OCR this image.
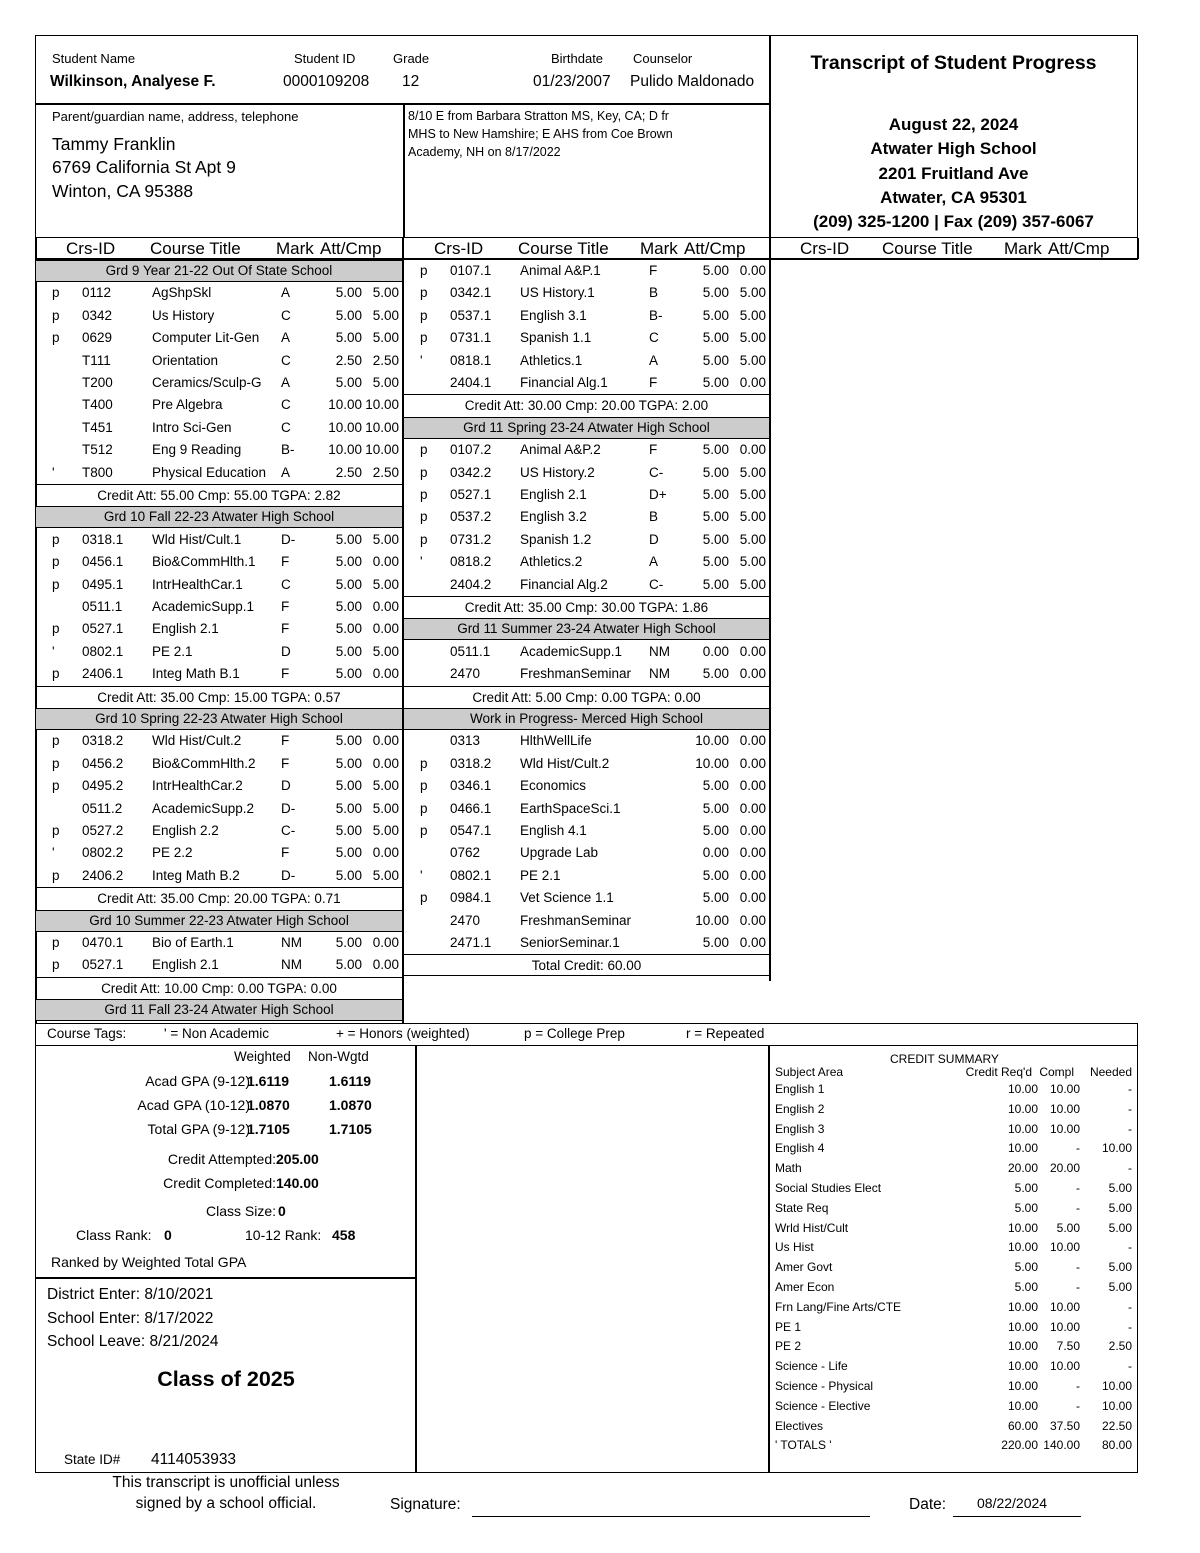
Student Name
Wilkinson, Analyese F.
Student ID
0000109208
Grade
12
Birthdate
01/23/2007
Counselor
Pulido Maldonado
Parent/guardian name, address, telephone
Tammy Franklin
6769 California St Apt 9
Winton, CA 95388
8/10 E from Barbara Stratton MS, Key, CA; D fr
MHS to New Hamshire; E AHS from Coe Brown
Academy, NH on 8/17/2022
Transcript of Student Progress
August 22, 2024
Atwater High School
2201 Fruitland Ave
Atwater, CA 95301
(209) 325-1200 | Fax (209) 357-6067
Crs-ID Course Title Mark Att/Cmp	Crs-ID Course Title Mark Att/Cmp	Crs-ID Course Title Mark Att/Cmp
Grd 9 Year 21-22 Out Of State School
p 0112	AgShpSkl	A	5.00 5.00
p 0342	Us History	C	5.00 5.00
p 0629	Computer Lit-Gen	A	5.00 5.00
T111	Orientation	C	2.50 2.50
T200	Ceramics/Sculp-G	A	5.00 5.00
T400	Pre Algebra	C	10.00 10.00
T451	Intro Sci-Gen	C	10.00 10.00
T512	Eng 9 Reading	B- 10.00 10.00
' T800	Physical Education	A	2.50 2.50
Credit Att: 55.00 Cmp: 55.00 TGPA: 2.82
Grd 10 Fall 22-23 Atwater High School
p 0318.1 Wld Hist/Cult.1	D-	5.00 5.00
p 0456.1 Bio&CommHlth.1	F	5.00 0.00
p 0495.1 IntrHealthCar.1	C	5.00 5.00
0511.1 AcademicSupp.1	F	5.00 0.00
p 0527.1 English 2.1	F	5.00 0.00
' 0802.1 PE 2.1	D	5.00 5.00
p 2406.1 Integ Math B.1	F	5.00 0.00
Credit Att: 35.00 Cmp: 15.00 TGPA: 0.57
Grd 10 Spring 22-23 Atwater High School
p 0318.2 Wld Hist/Cult.2	F	5.00 0.00
p 0456.2 Bio&CommHlth.2	F	5.00 0.00
p 0495.2 IntrHealthCar.2	D	5.00 5.00
0511.2 AcademicSupp.2	D-	5.00 5.00
p 0527.2 English 2.2	C-	5.00 5.00
' 0802.2 PE 2.2	F	5.00 0.00
p 2406.2 Integ Math B.2	D-	5.00 5.00
Credit Att: 35.00 Cmp: 20.00 TGPA: 0.71
Grd 10 Summer 22-23 Atwater High School
p 0470.1 Bio of Earth.1	NM 5.00 0.00
p 0527.1 English 2.1	NM 5.00 0.00
Credit Att: 10.00 Cmp: 0.00 TGPA: 0.00
Grd 11 Fall 23-24 Atwater High School
p 0107.1 Animal A&P.1	F	5.00 0.00
p 0342.1 US History.1	B	5.00 5.00
p 0537.1 English 3.1	B-	5.00 5.00
p 0731.1 Spanish 1.1	C	5.00 5.00
' 0818.1 Athletics.1	A	5.00 5.00
2404.1 Financial Alg.1	F	5.00 0.00
Credit Att: 30.00 Cmp: 20.00 TGPA: 2.00
Grd 11 Spring 23-24 Atwater High School
p 0107.2 Animal A&P.2	F	5.00 0.00
p 0342.2 US History.2	C-	5.00 5.00
p 0527.1 English 2.1	D+	5.00 5.00
p 0537.2 English 3.2	B	5.00 5.00
p 0731.2 Spanish 1.2	D	5.00 5.00
' 0818.2 Athletics.2	A	5.00 5.00
2404.2 Financial Alg.2	C-	5.00 5.00
Credit Att: 35.00 Cmp: 30.00 TGPA: 1.86
Grd 11 Summer 23-24 Atwater High School
0511.1 AcademicSupp.1	NM 0.00 0.00
2470	FreshmanSeminar	NM 5.00 0.00
Credit Att: 5.00 Cmp: 0.00 TGPA: 0.00
Work in Progress- Merced High School
0313	HlthWellLife	10.00 0.00
p 0318.2 Wld Hist/Cult.2	10.00 0.00
p 0346.1 Economics	5.00 0.00
p 0466.1 EarthSpaceSci.1	5.00 0.00
p 0547.1 English 4.1	5.00 0.00
0762	Upgrade Lab	0.00 0.00
' 0802.1 PE 2.1	5.00 0.00
p 0984.1 Vet Science 1.1	5.00 0.00
2470	FreshmanSeminar	10.00 0.00
2471.1 SeniorSeminar.1	5.00 0.00
Total Credit: 60.00
Course Tags:	' = Non Academic	+ = Honors (weighted)	p = College Prep	r = Repeated
Weighted Non-Wgtd
Acad GPA (9-12)
1.6119	1.6119
Acad GPA (10-12)
1.0870	1.0870
Total GPA (9-12)
1.7105	1.7105
Credit Attempted: 205.00
Credit Completed: 140.00
Class Size: 0
Class Rank: 0	10-12 Rank: 458
Ranked by Weighted Total GPA
District Enter: 8/10/2021
School Enter: 8/17/2022
School Leave: 8/21/2024
Class of 2025
State ID# 4114053933
CREDIT SUMMARY
Subject Area	Credit Req'd Compl Needed
English 1	10.00 10.00	-
English 2	10.00 10.00	-
English 3	10.00 10.00	-
English 4	10.00	- 10.00
Math	20.00 20.00	-
Social Studies Elect	5.00	- 5.00
State Req	5.00	- 5.00
Wrld Hist/Cult	10.00 5.00 5.00
Us Hist	10.00 10.00	-
Amer Govt	5.00	- 5.00
Amer Econ	5.00	- 5.00
Frn Lang/Fine Arts/CTE	10.00 10.00	-
PE 1	10.00 10.00	-
PE 2	10.00 7.50 2.50
Science - Life	10.00 10.00	-
Science - Physical	10.00	- 10.00
Science - Elective	10.00	- 10.00
Electives	60.00 37.50 22.50
' TOTALS '	220.00 140.00 80.00
This transcript is unofficial unless
signed by a school official.	Signature:	Date: 08/22/2024
